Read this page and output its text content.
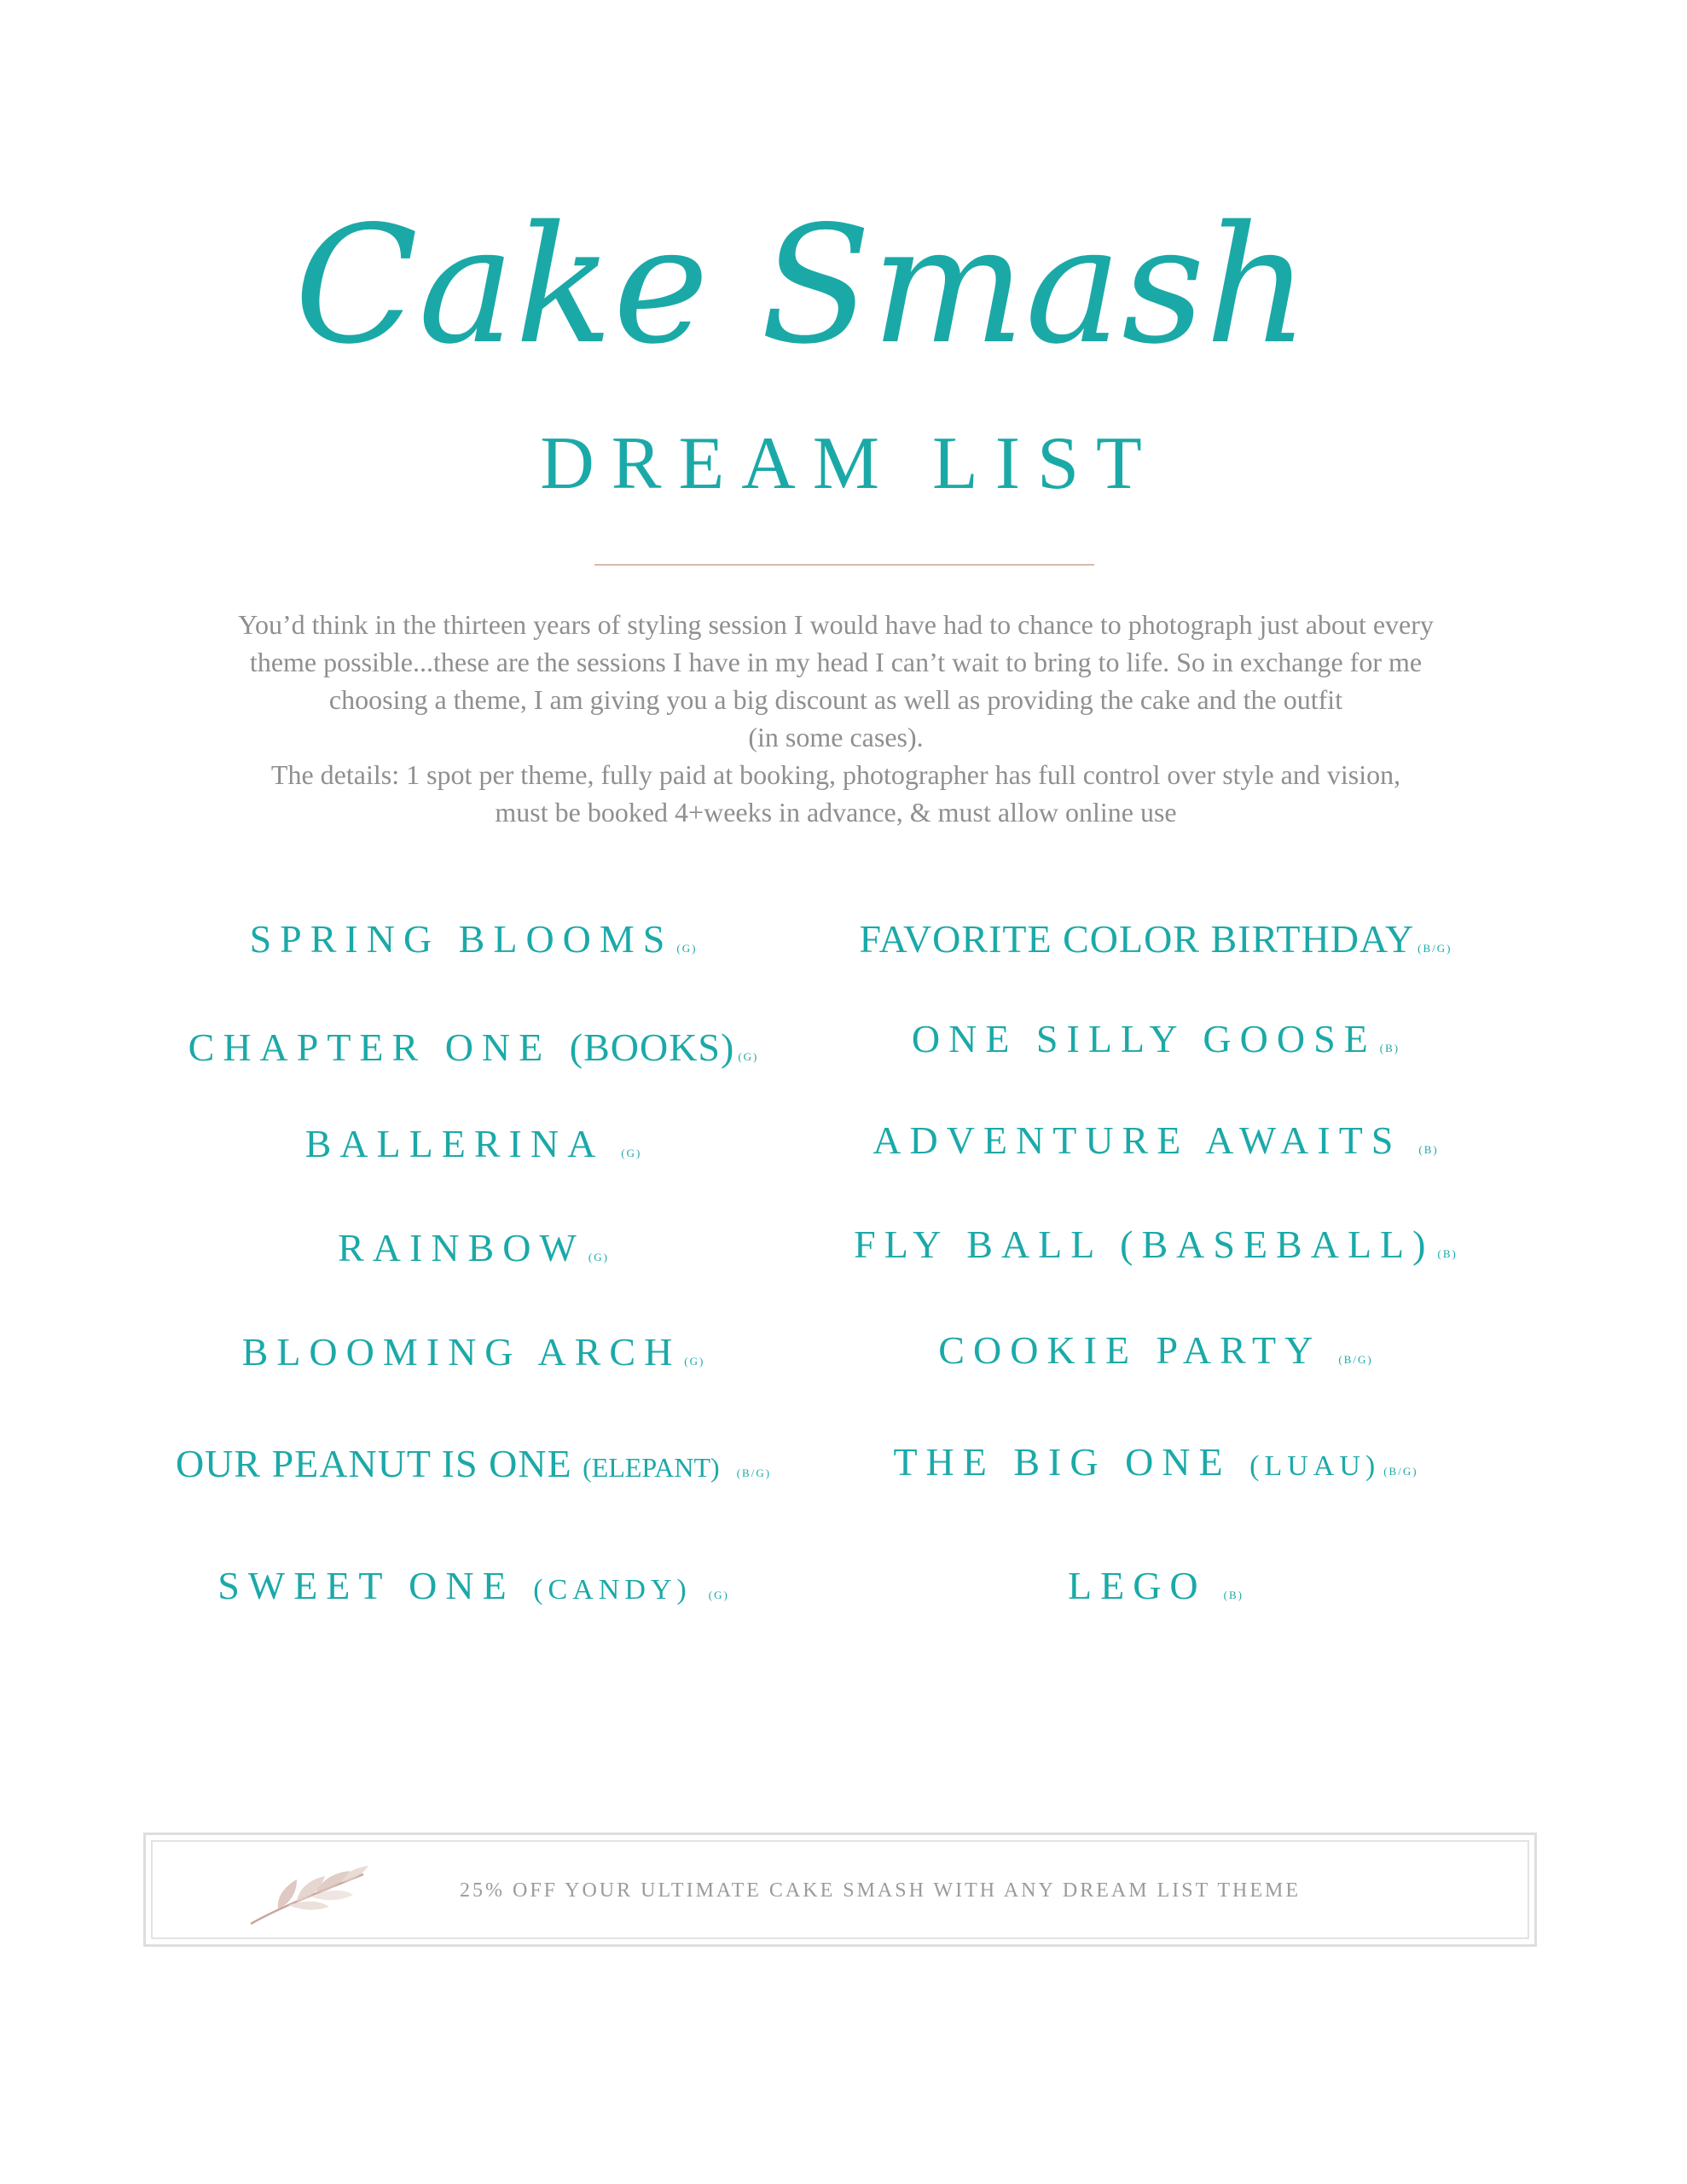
Cake Smash
DREAM LIST

You’d think in the thirteen years of styling session I would have had to chance to photograph just about every

theme possible...these are the sessions I have in my head I can’t wait to bring to life. So in exchange for me

choosing a theme, I am giving you a big discount as well as providing the cake and the outfit

(in some cases).

The details: 1 spot per theme, fully paid at booking, photographer has full control over style and vision,

must be booked 4+weeks in advance, & must allow online use

SPRING BLOOMS (G)
CHAPTER ONE (BOOKS) (G)
BALLERINA (G)
RAINBOW (G)
BLOOMING ARCH (G)
OUR PEANUT IS ONE (ELEPANT) (B/G)
SWEET ONE (CANDY) (G)
FAVORITE COLOR BIRTHDAY (B/G)
ONE SILLY GOOSE (B)
ADVENTURE AWAITS (B)
FLY BALL (BASEBALL) (B)
COOKIE PARTY (B/G)
THE BIG ONE (LUAU) (B/G)
LEGO (B)
25% OFF YOUR ULTIMATE CAKE SMASH WITH ANY DREAM LIST THEME
